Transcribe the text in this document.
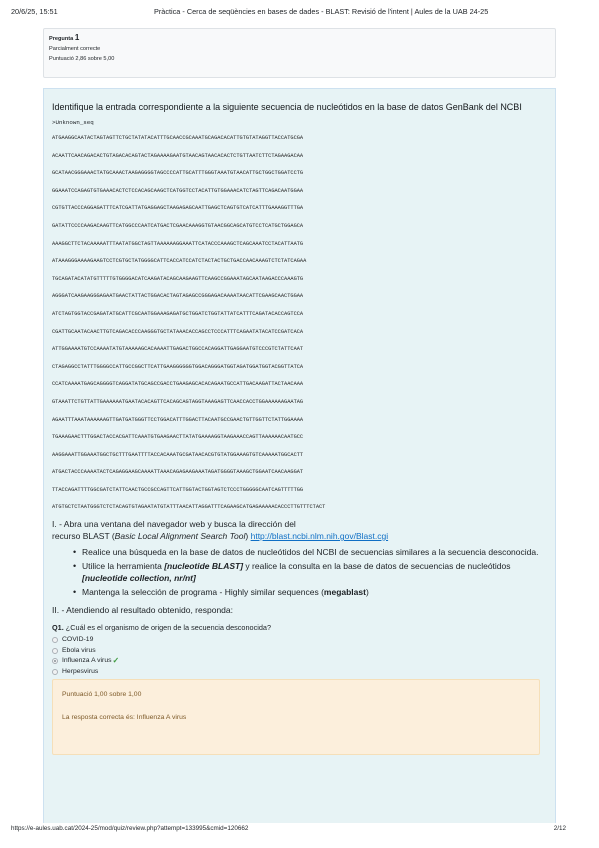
20/6/25, 15:51	Pràctica - Cerca de seqüències en bases de dades - BLAST: Revisió de l'intent | Aules de la UAB 24-25
Pregunta 1
Parcialment correcte
Puntuació 2,86 sobre 5,00
Identifique la entrada correspondiente a la siguiente secuencia de nucleótidos en la base de datos GenBank del NCBI
>Unknown_seq
ATGAAGGCAATACTAGTAGTTCTGCTATATACATTTGCAACCGCAAATGCAGACACATTGTGTATAGGTTACCATGCGA
ACAATTCAACAGACACTGTAGACACAGTACTAGAAAAGAATGTAACAGTAACACACTCTGTTAATCTTCTAGAAGACAA
GCATAACGGGAAACTATGCAAACTAAGAGGGGTAGCCCCATTGCATTTGGGTAAATGTAACATTGCTGGCTGGATCCTG
GGAAATCCAGAGTGTGAAACACTCTCCACAGCAAGCTCATGGTCCTACATTGTGGAAACATCTAGTTCAGACAATGGAA
CGTGTTACCCAGGAGATTTCATCGATTATGAGGAGCTAAGAGAGCAATTGAGCTCAGTGTCATCATTTGAAAGGTTTGA
GATATTCCCCAAGACAAGTTCATGGCCCAATCATGACTCGAACAAAGGTGTAACGGCAGCATGTCCTCATGCTGGAGCA
AAAGGCTTCTACAAAAATTTAATATGGCTAGTTAAAAAAGGAAATTCATACCCAAAGCTCAGCAAATCCTACATTAATG
ATAAAGGGAAAAGAAGTCCTCGTGCTATGGGGCATTCACCATCCATCTACTACTGCTGACCAACAAAGTCTCTATCAGAA
TGCAGATACATATGTTTTTGTGGGGACATCAAGATACAGCAAGAAGTTCAAGCCGGAAATAGCAATAAGACCCAAAGTG
AGGGATCAAGAAGGGAGAATGAACTATTACTGGACACTAGTAGAGCCGGGAGACAAAATAACATTCGAAGCAACTGGAA
ATCTAGTGGTACCGAGATATGCATTCGCAATGGAAAGAGATGCTGGATCTGGTATTATCATTTCAGATACACCAGTCCA
CGATTGCAATACAACTTGTCAGACACCCAAGGGTGCTATAAACACCAGCCTCCCATTTCAGAATATACATCCGATCACA
ATTGGAAAATGTCCAAAATATGTAAAAAGCACAAAATTGAGACTGGCCACAGGATTGAGGAATGTCCCGTCTATTCAAT
CTAGAGGCCTATTTGGGGCCATTGCCGGCTTCATTGAAGGGGGGTGGACAGGGATGGTAGATGGATGGTACGGTTATCA
CCATCAAAATGAGCAGGGGTCAGGATATGCAGCCGACCTGAAGAGCACACAGAATGCCATTGACAAGATTACTAACAAA
GTAAATTCTGTTATTGAAAAAATGAATACACAGTTCACAGCAGTAGGTAAAGAGTTCAACCACCTGGAAAAAAGAATAG
AGAATTTAAATAAAAAAGTTGATGATGGGTTCCTGGACATTTGGACTTACAATGCCGAACTGTTGGTTCTATTGGAAAA
TGAAAGAACTTTGGACTACCACGATTCAAATGTGAAGAACTTATATGAAAAGGTAAGAAACCAGTTAAAAAACAATGCC
AAGGAAATTGGAAATGGCTGCTTTGAATTTTACCACAAATGCGATAACACGTGTATGGAAAGTGTCAAAAATGGCACTT
ATGACTACCCAAAATACTCAGAGGAAGCAAAATTAAACAGAGAAGAAATAGATGGGGTAAAGCTGGAATCAACAAGGAT
TTACCAGATTTTGGCGATCTATTCAACTGCCGCCAGTTCATTGGTACTGGTAGTCTCCCTGGGGGCAATCAGTTTTTGG
ATGTGCTCTAATGGGTCTCTACAGTGTAGAATATGTATTTAACATTAGGATTTCAGAAGCATGAGAAAAACACCCTTGTTTCTACT
I. - Abra una ventana del navegador web y busca la dirección del
recurso BLAST (Basic Local Alignment Search Tool) http://blast.ncbi.nlm.nih.gov/Blast.cgi
• Realice una búsqueda en la base de datos de nucleótidos del NCBI de secuencias similares a la secuencia desconocida.
• Utilice la herramienta [nucleotide BLAST] y realice la consulta en la base de datos de secuencias de nucleótidos [nucleotide collection, nr/nt]
• Mantenga la selección de programa - Highly similar sequences (megablast)
II. - Atendiendo al resultado obtenido, responda:
Q1. ¿Cuál es el organismo de origen de la secuencia desconocida?
COVID-19
Ebola virus
Influenza A virus ✓
Herpesvirus
Puntuació 1,00 sobre 1,00
La resposta correcta és: Influenza A virus
https://e-aules.uab.cat/2024-25/mod/quiz/review.php?attempt=133995&cmid=120662	2/12
